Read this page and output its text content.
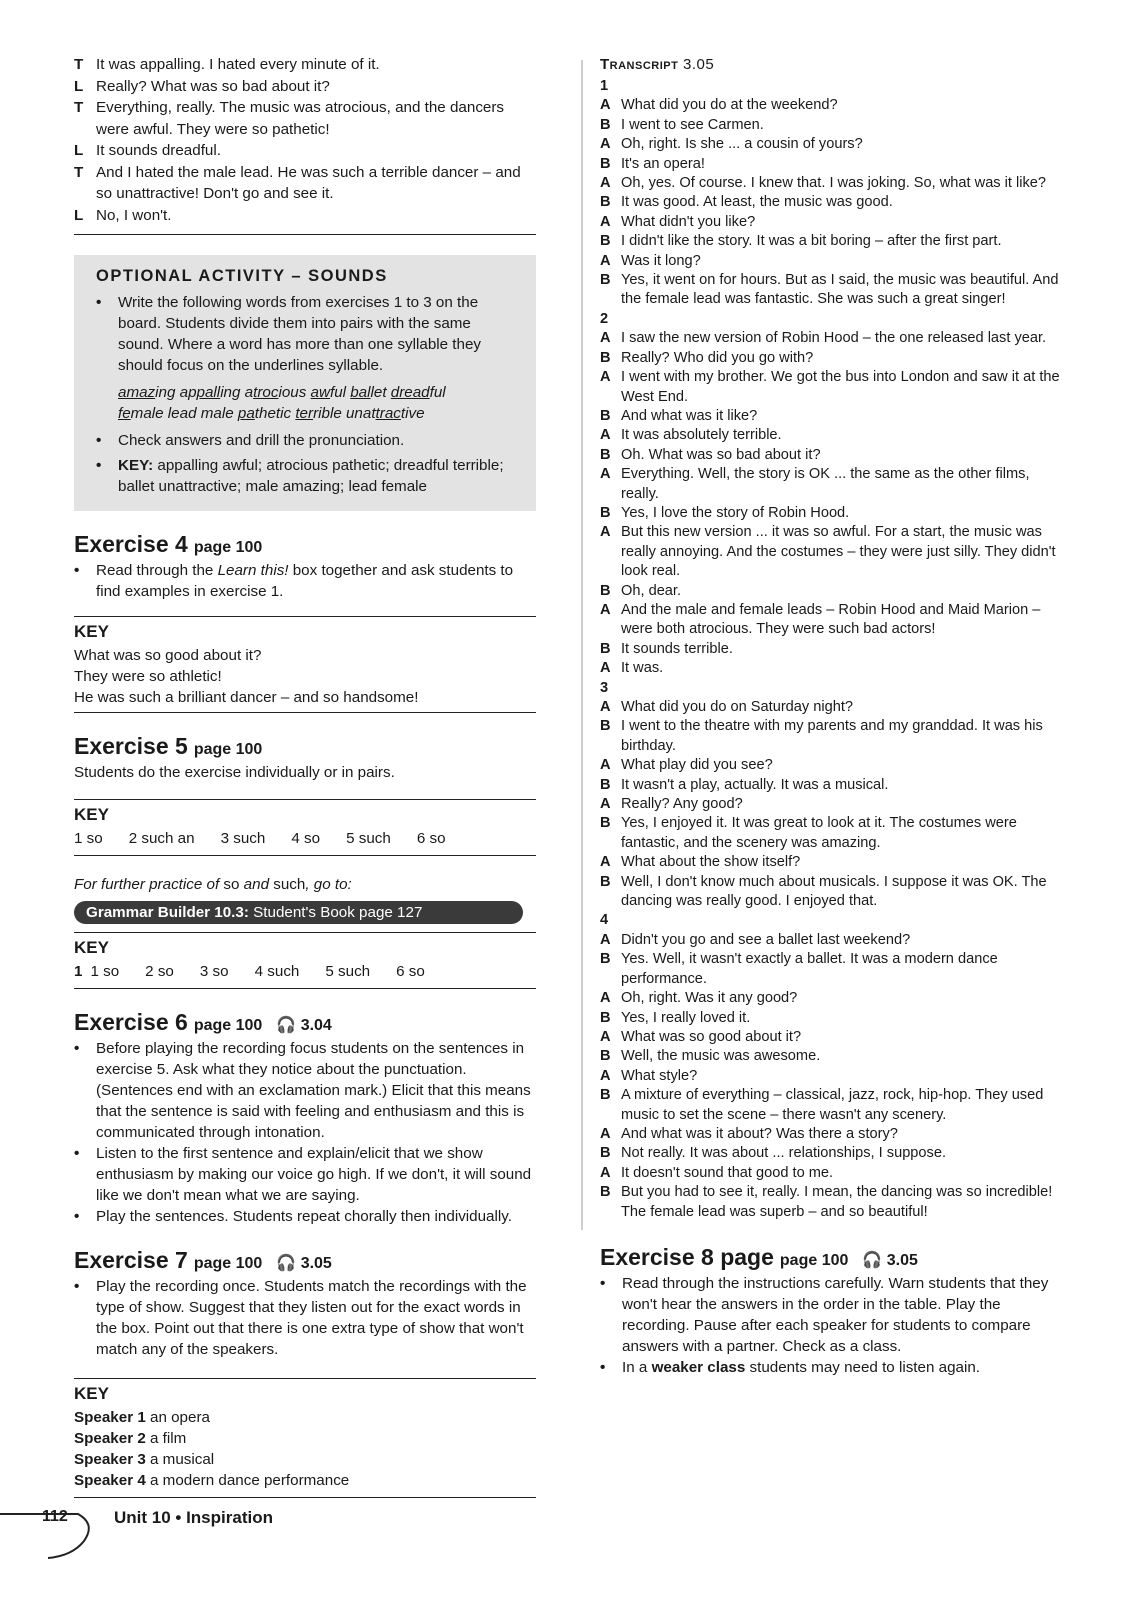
T It was appalling. I hated every minute of it.
L Really? What was so bad about it?
T Everything, really. The music was atrocious, and the dancers were awful. They were so pathetic!
L It sounds dreadful.
T And I hated the male lead. He was such a terrible dancer – and so unattractive! Don't go and see it.
L No, I won't.
OPTIONAL ACTIVITY – SOUNDS
•	Write the following words from exercises 1 to 3 on the board. Students divide them into pairs with the same sound. Where a word has more than one syllable they should focus on the underlines syllable.
amazing appalling atrocious awful ballet dreadful
female lead male pathetic terrible unattractive
•	Check answers and drill the pronunciation.
•	KEY: appalling awful; atrocious pathetic; dreadful terrible; ballet unattractive; male amazing; lead female
Exercise 4 page 100
•	Read through the Learn this! box together and ask students to find examples in exercise 1.
KEY
What was so good about it?
They were so athletic!
He was such a brilliant dancer – and so handsome!
Exercise 5 page 100
Students do the exercise individually or in pairs.
KEY
1 so 2 such an 3 such 4 so 5 such 6 so
For further practice of so and such, go to:
Grammar Builder 10.3: Student's Book page 127
KEY
1 1 so 2 so 3 so 4 such 5 such 6 so
Exercise 6 page 100 🎧 3.04
•	Before playing the recording focus students on the sentences in exercise 5. Ask what they notice about the punctuation. (Sentences end with an exclamation mark.) Elicit that this means that the sentence is said with feeling and enthusiasm and this is communicated through intonation.
•	Listen to the first sentence and explain/elicit that we show enthusiasm by making our voice go high. If we don't, it will sound like we don't mean what we are saying.
•	Play the sentences. Students repeat chorally then individually.
Exercise 7 page 100 🎧 3.05
•	Play the recording once. Students match the recordings with the type of show. Suggest that they listen out for the exact words in the box. Point out that there is one extra type of show that won't match any of the speakers.
KEY
Speaker 1 an opera
Speaker 2 a film
Speaker 3 a musical
Speaker 4 a modern dance performance
Transcript 3.05
1
A What did you do at the weekend?
B I went to see Carmen.
A Oh, right. Is she ... a cousin of yours?
B It's an opera!
A Oh, yes. Of course. I knew that. I was joking. So, what was it like?
B It was good. At least, the music was good.
A What didn't you like?
B I didn't like the story. It was a bit boring – after the first part.
A Was it long?
B Yes, it went on for hours. But as I said, the music was beautiful. And the female lead was fantastic. She was such a great singer!
2
A I saw the new version of Robin Hood – the one released last year.
B Really? Who did you go with?
A I went with my brother. We got the bus into London and saw it at the West End.
B And what was it like?
A It was absolutely terrible.
B Oh. What was so bad about it?
A Everything. Well, the story is OK ... the same as the other films, really.
B Yes, I love the story of Robin Hood.
A But this new version ... it was so awful. For a start, the music was really annoying. And the costumes – they were just silly. They didn't look real.
B Oh, dear.
A And the male and female leads – Robin Hood and Maid Marion – were both atrocious. They were such bad actors!
B It sounds terrible.
A It was.
3
A What did you do on Saturday night?
B I went to the theatre with my parents and my granddad. It was his birthday.
A What play did you see?
B It wasn't a play, actually. It was a musical.
A Really? Any good?
B Yes, I enjoyed it. It was great to look at it. The costumes were fantastic, and the scenery was amazing.
A What about the show itself?
B Well, I don't know much about musicals. I suppose it was OK. The dancing was really good. I enjoyed that.
4
A Didn't you go and see a ballet last weekend?
B Yes. Well, it wasn't exactly a ballet. It was a modern dance performance.
A Oh, right. Was it any good?
B Yes, I really loved it.
A What was so good about it?
B Well, the music was awesome.
A What style?
B A mixture of everything – classical, jazz, rock, hip-hop. They used music to set the scene – there wasn't any scenery.
A And what was it about? Was there a story?
B Not really. It was about ... relationships, I suppose.
A It doesn't sound that good to me.
B But you had to see it, really. I mean, the dancing was so incredible! The female lead was superb – and so beautiful!
Exercise 8 page page 100 🎧 3.05
•	Read through the instructions carefully. Warn students that they won't hear the answers in the order in the table. Play the recording. Pause after each speaker for students to compare answers with a partner. Check as a class.
•	In a weaker class students may need to listen again.
112	Unit 10 • Inspiration
